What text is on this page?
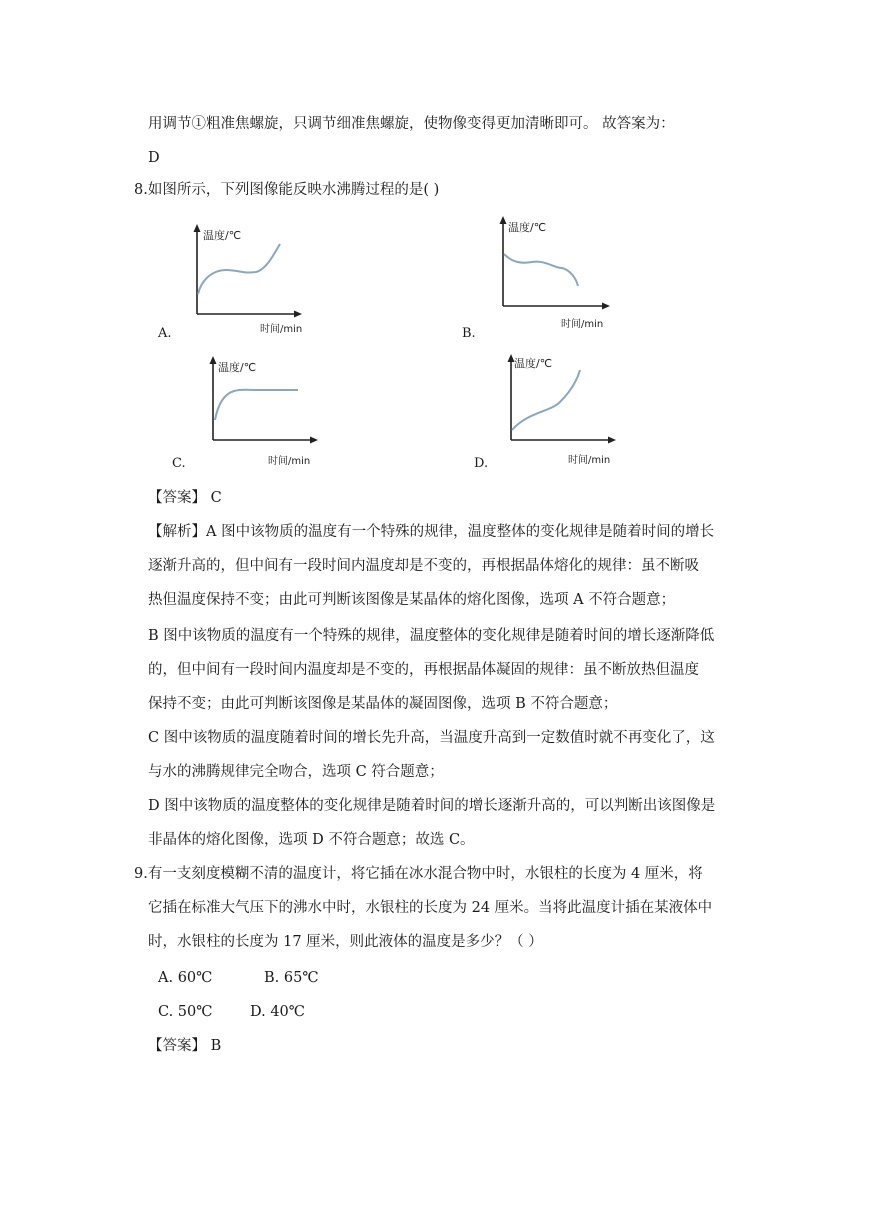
用调节①粗准焦螺旋，只调节细准焦螺旋，使物像变得更加清晰即可。 故答案为：
D
8.如图所示，下列图像能反映水沸腾过程的是( )
温度/℃
时间/min
A.
温度/℃
时间/min
B.
温度/℃
时间/min
C.
温度/℃
时间/min
D.
【答案】 C
【解析】A 图中该物质的温度有一个特殊的规律，温度整体的变化规律是随着时间的增长
逐渐升高的，但中间有一段时间内温度却是不变的，再根据晶体熔化的规律：虽不断吸
热但温度保持不变；由此可判断该图像是某晶体的熔化图像，选项 A 不符合题意；
B 图中该物质的温度有一个特殊的规律，温度整体的变化规律是随着时间的增长逐渐降低
的，但中间有一段时间内温度却是不变的，再根据晶体凝固的规律：虽不断放热但温度
保持不变；由此可判断该图像是某晶体的凝固图像，选项 B 不符合题意；
C 图中该物质的温度随着时间的增长先升高，当温度升高到一定数值时就不再变化了，这
与水的沸腾规律完全吻合，选项 C 符合题意；
D 图中该物质的温度整体的变化规律是随着时间的增长逐渐升高的，可以判断出该图像是
非晶体的熔化图像，选项 D 不符合题意；故选 C。
9.有一支刻度模糊不清的温度计，将它插在冰水混合物中时，水银柱的长度为 4 厘米，将
它插在标准大气压下的沸水中时，水银柱的长度为 24 厘米。当将此温度计插在某液体中
时，水银柱的长度为 17 厘米，则此液体的温度是多少？（ ）
A. 60℃	B. 65℃
C. 50℃	D. 40℃
【答案】 B
